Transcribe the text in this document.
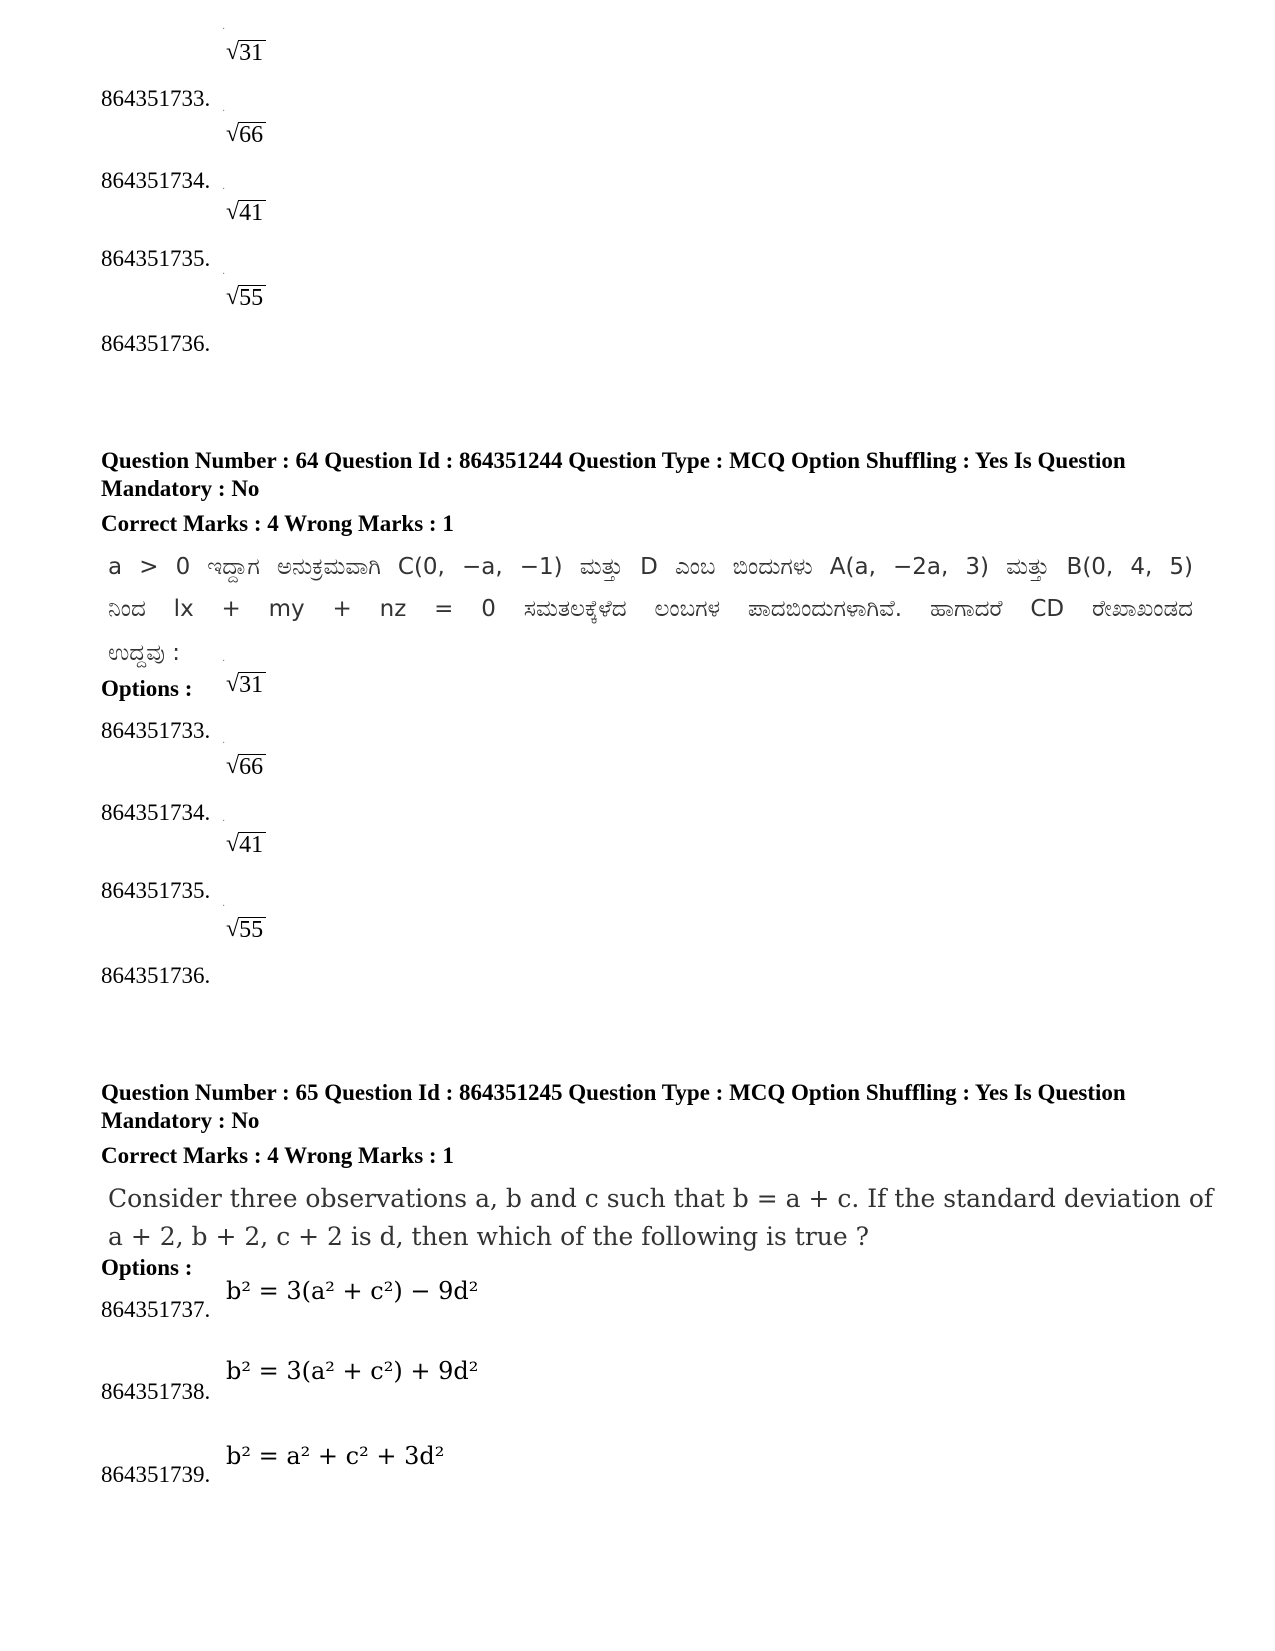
864351733.
·
√ 31
864351734.
·
√ 66
864351735.
·
√ 41
864351736.
·
√ 55
Question Number : 64 Question Id : 864351244 Question Type : MCQ Option Shuffling : Yes Is Question Mandatory : No
Correct Marks : 4 Wrong Marks : 1
a > 0 ಇದ್ದಾಗ ಅನುಕ್ರಮವಾಗಿ C(0, −a, −1) ಮತ್ತು D ಎಂಬ ಬಿಂದುಗಳು A(a, −2a, 3) ಮತ್ತು B(0, 4, 5)
ನಿಂದ lx + my + nz = 0 ಸಮತಲಕ್ಕೆಳೆದ ಲಂಬಗಳ ಪಾದಬಿಂದುಗಳಾಗಿವೆ. ಹಾಗಾದರೆ CD ರೇಖಾಖಂಡದ
ಉದ್ದವು :
Options :
864351733.
·
√ 31
864351734.
·
√ 66
864351735.
·
√ 41
864351736.
·
√ 55
Question Number : 65 Question Id : 864351245 Question Type : MCQ Option Shuffling : Yes Is Question Mandatory : No
Correct Marks : 4 Wrong Marks : 1
Consider three observations a, b and c such that b = a + c. If the standard deviation of
a + 2, b + 2, c + 2 is d, then which of the following is true ?
Options :
864351737.
b² = 3(a² + c²) − 9d²
864351738.
b² = 3(a² + c²) + 9d²
864351739.
b² = a² + c² + 3d²
